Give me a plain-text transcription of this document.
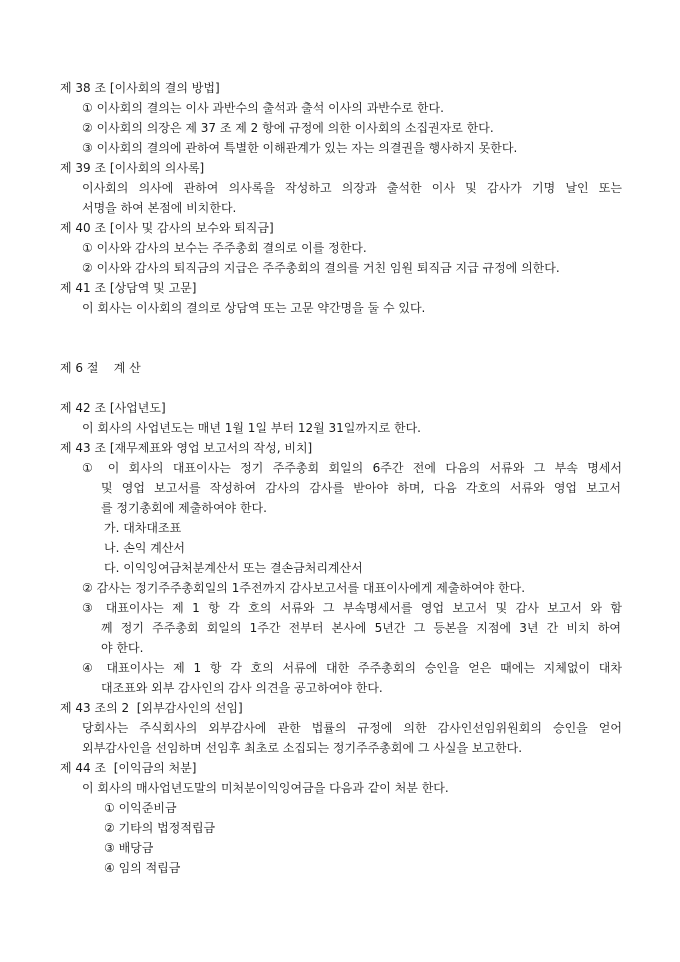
제 38 조 [이사회의 결의 방법]
① 이사회의 결의는 이사 과반수의 출석과 출석 이사의 과반수로 한다.
② 이사회의 의장은 제 37 조 제 2 항에 규정에 의한 이사회의 소집권자로 한다.
③ 이사회의 결의에 관하여 특별한 이해관계가 있는 자는 의결권을 행사하지 못한다.
제 39 조 [이사회의 의사록]
이사회의 의사에 관하여 의사록을 작성하고 의장과 출석한 이사 및 감사가 기명 날인 또는
서명을 하여 본점에 비치한다.
제 40 조 [이사 및 감사의 보수와 퇴직금]
① 이사와 감사의 보수는 주주총회 결의로 이를 정한다.
② 이사와 감사의 퇴직금의 지급은 주주총회의 결의를 거친 임원 퇴직금 지급 규정에 의한다.
제 41 조 [상담역 및 고문]
이 회사는 이사회의 결의로 상담역 또는 고문 약간명을 둘 수 있다.
제 6 절    계 산
제 42 조 [사업년도]
이 회사의 사업년도는 매년 1월 1일 부터 12월 31일까지로 한다.
제 43 조 [재무제표와 영업 보고서의 작성, 비치]
① 이 회사의 대표이사는 정기 주주총회 회일의 6주간 전에 다음의 서류와 그 부속 명세서
및 영업 보고서를 작성하여 감사의 감사를 받아야 하며, 다음 각호의 서류와 영업 보고서
를 정기총회에 제출하여야 한다.
가. 대차대조표
나. 손익 계산서
다. 이익잉여금처분계산서 또는 결손금처리계산서
② 감사는 정기주주총회일의 1주전까지 감사보고서를 대표이사에게 제출하여야 한다.
③ 대표이사는 제 1 항 각 호의 서류와 그 부속명세서를 영업 보고서 및 감사 보고서 와 함
께 정기 주주총회 회일의 1주간 전부터 본사에 5년간 그 등본을 지점에 3년 간 비치 하여
야 한다.
④ 대표이사는 제 1 항 각 호의 서류에 대한 주주총회의 승인을 얻은 때에는 지체없이 대차
대조표와 외부 감사인의 감사 의견을 공고하여야 한다.
제 43 조의 2  [외부감사인의 선임]
당회사는 주식회사의 외부감사에 관한 법률의 규정에 의한 감사인선임위원회의 승인을 얻어
외부감사인을 선임하며 선임후 최초로 소집되는 정기주주총회에 그 사실을 보고한다.
제 44 조  [이익금의 처분]
이 회사의 매사업년도말의 미처분이익잉여금을 다음과 같이 처분 한다.
① 이익준비금
② 기타의 법정적립금
③ 배당금
④ 임의 적립금
